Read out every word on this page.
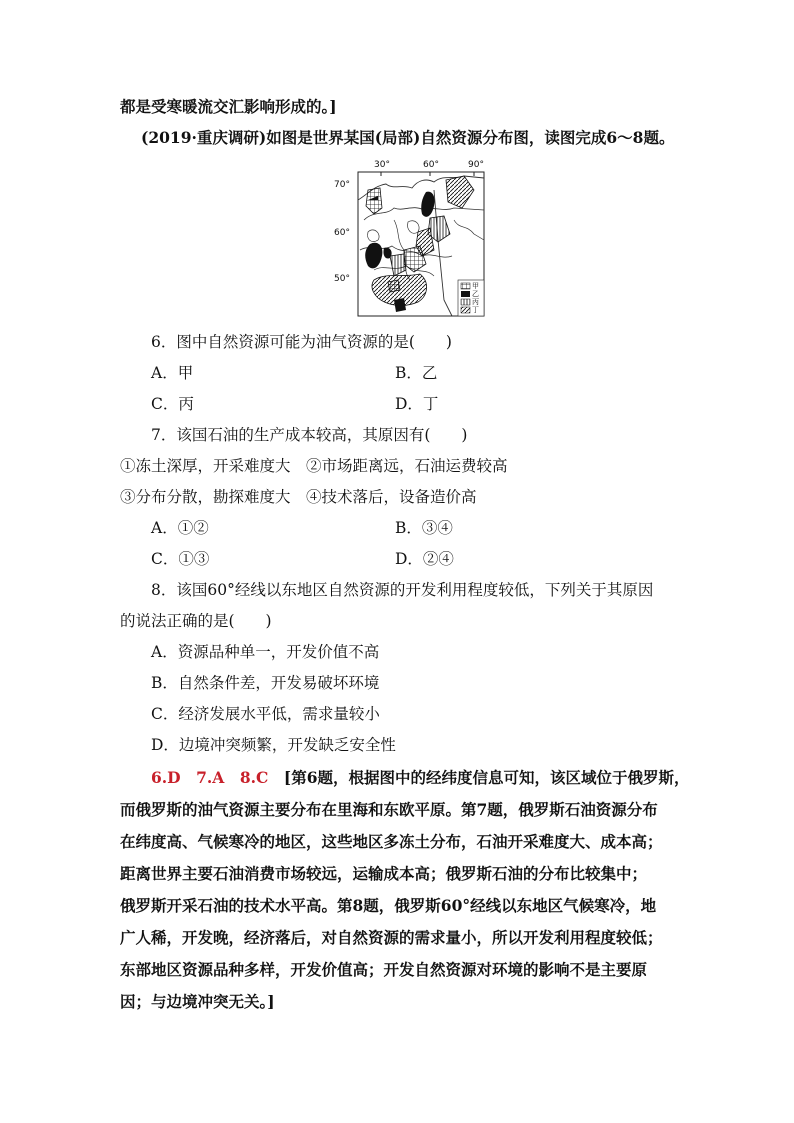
都是受寒暖流交汇影响形成的。]
(2019·重庆调研)如图是世界某国(局部)自然资源分布图，读图完成6～8题。
30°	60°	90°
70°
60°
50°
甲
乙
丙
丁
6．图中自然资源可能为油气资源的是(　　)
A．甲	B．乙
C．丙	D．丁
7．该国石油的生产成本较高，其原因有(　　)
①冻土深厚，开采难度大　②市场距离远，石油运费较高
③分布分散，勘探难度大　④技术落后，设备造价高
A．①②	B．③④
C．①③	D．②④
8．该国60°经线以东地区自然资源的开发利用程度较低，下列关于其原因
的说法正确的是(　　)
A．资源品种单一，开发价值不高
B．自然条件差，开发易破坏环境
C．经济发展水平低，需求量较小
D．边境冲突频繁，开发缺乏安全性
6.D　7.A　8.C　 [第6题，根据图中的经纬度信息可知，该区域位于俄罗斯，
而俄罗斯的油气资源主要分布在里海和东欧平原。第7题，俄罗斯石油资源分布
在纬度高、气候寒冷的地区，这些地区多冻土分布，石油开采难度大、成本高；
距离世界主要石油消费市场较远，运输成本高；俄罗斯石油的分布比较集中；
俄罗斯开采石油的技术水平高。第8题，俄罗斯60°经线以东地区气候寒冷，地
广人稀，开发晚，经济落后，对自然资源的需求量小，所以开发利用程度较低；
东部地区资源品种多样，开发价值高；开发自然资源对环境的影响不是主要原
因；与边境冲突无关。]
